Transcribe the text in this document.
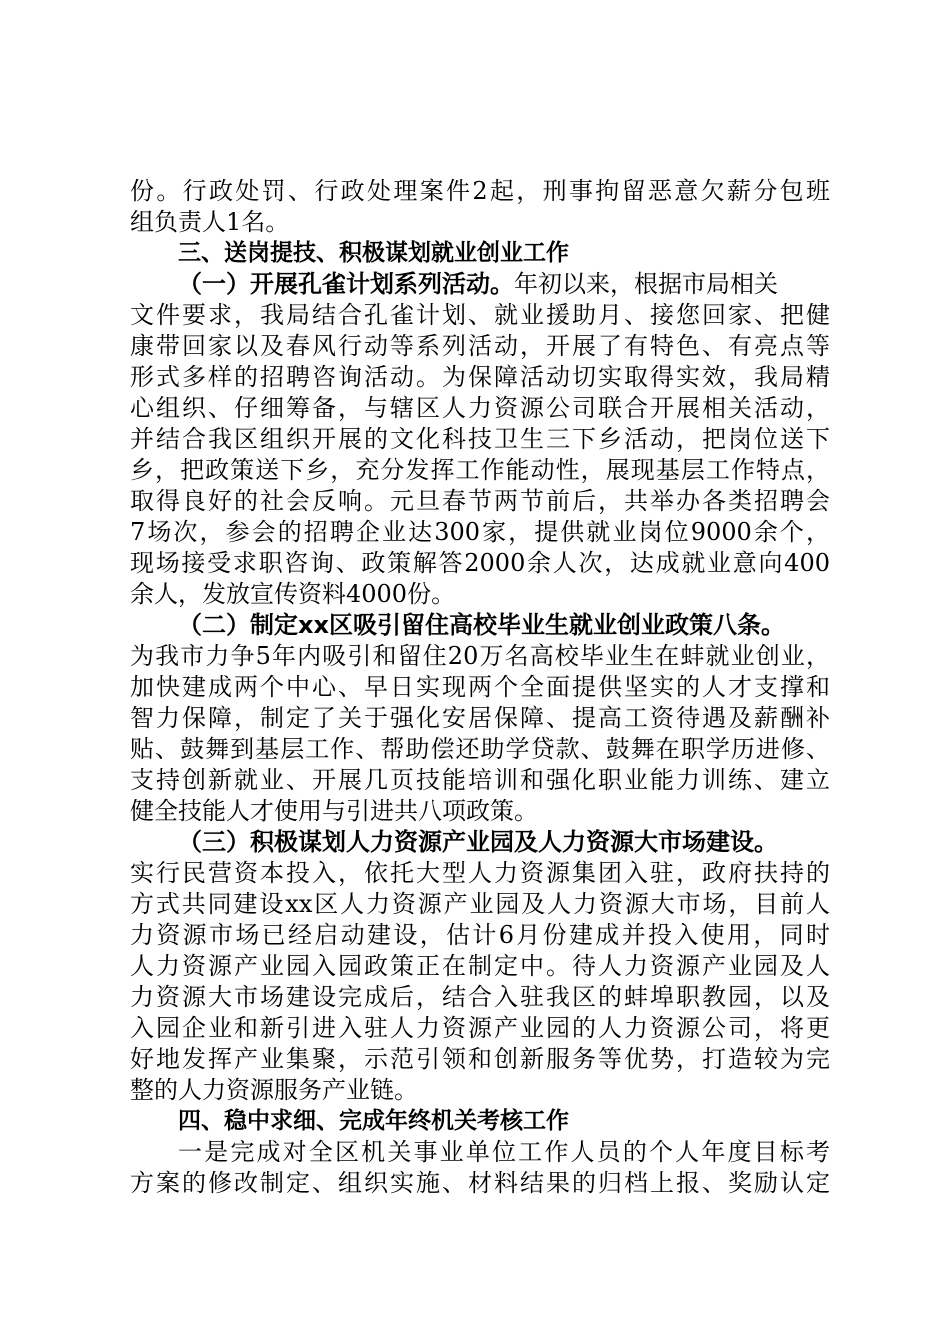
份。行政处罚、行政处理案件2起，刑事拘留恶意欠薪分包班
组负责人1名。
三、送岗提技、积极谋划就业创业工作
（一）开展孔雀计划系列活动。年初以来，根据市局相关
文件要求，我局结合孔雀计划、就业援助月、接您回家、把健
康带回家以及春风行动等系列活动，开展了有特色、有亮点等
形式多样的招聘咨询活动。为保障活动切实取得实效，我局精
心组织、仔细筹备，与辖区人力资源公司联合开展相关活动，
并结合我区组织开展的文化科技卫生三下乡活动，把岗位送下
乡，把政策送下乡，充分发挥工作能动性，展现基层工作特点，
取得良好的社会反响。元旦春节两节前后，共举办各类招聘会
7场次，参会的招聘企业达300家，提供就业岗位9000余个，
现场接受求职咨询、政策解答2000余人次，达成就业意向400
余人，发放宣传资料4000份。
（二）制定xx区吸引留住高校毕业生就业创业政策八条。
为我市力争5年内吸引和留住20万名高校毕业生在蚌就业创业，
加快建成两个中心、早日实现两个全面提供坚实的人才支撑和
智力保障，制定了关于强化安居保障、提高工资待遇及薪酬补
贴、鼓舞到基层工作、帮助偿还助学贷款、鼓舞在职学历进修、
支持创新就业、开展几页技能培训和强化职业能力训练、建立
健全技能人才使用与引进共八项政策。
（三）积极谋划人力资源产业园及人力资源大市场建设。
实行民营资本投入，依托大型人力资源集团入驻，政府扶持的
方式共同建设xx区人力资源产业园及人力资源大市场，目前人
力资源市场已经启动建设，估计6月份建成并投入使用，同时
人力资源产业园入园政策正在制定中。待人力资源产业园及人
力资源大市场建设完成后，结合入驻我区的蚌埠职教园，以及
入园企业和新引进入驻人力资源产业园的人力资源公司，将更
好地发挥产业集聚，示范引领和创新服务等优势，打造较为完
整的人力资源服务产业链。
四、稳中求细、完成年终机关考核工作
一是完成对全区机关事业单位工作人员的个人年度目标考
方案的修改制定、组织实施、材料结果的归档上报、奖励认定
